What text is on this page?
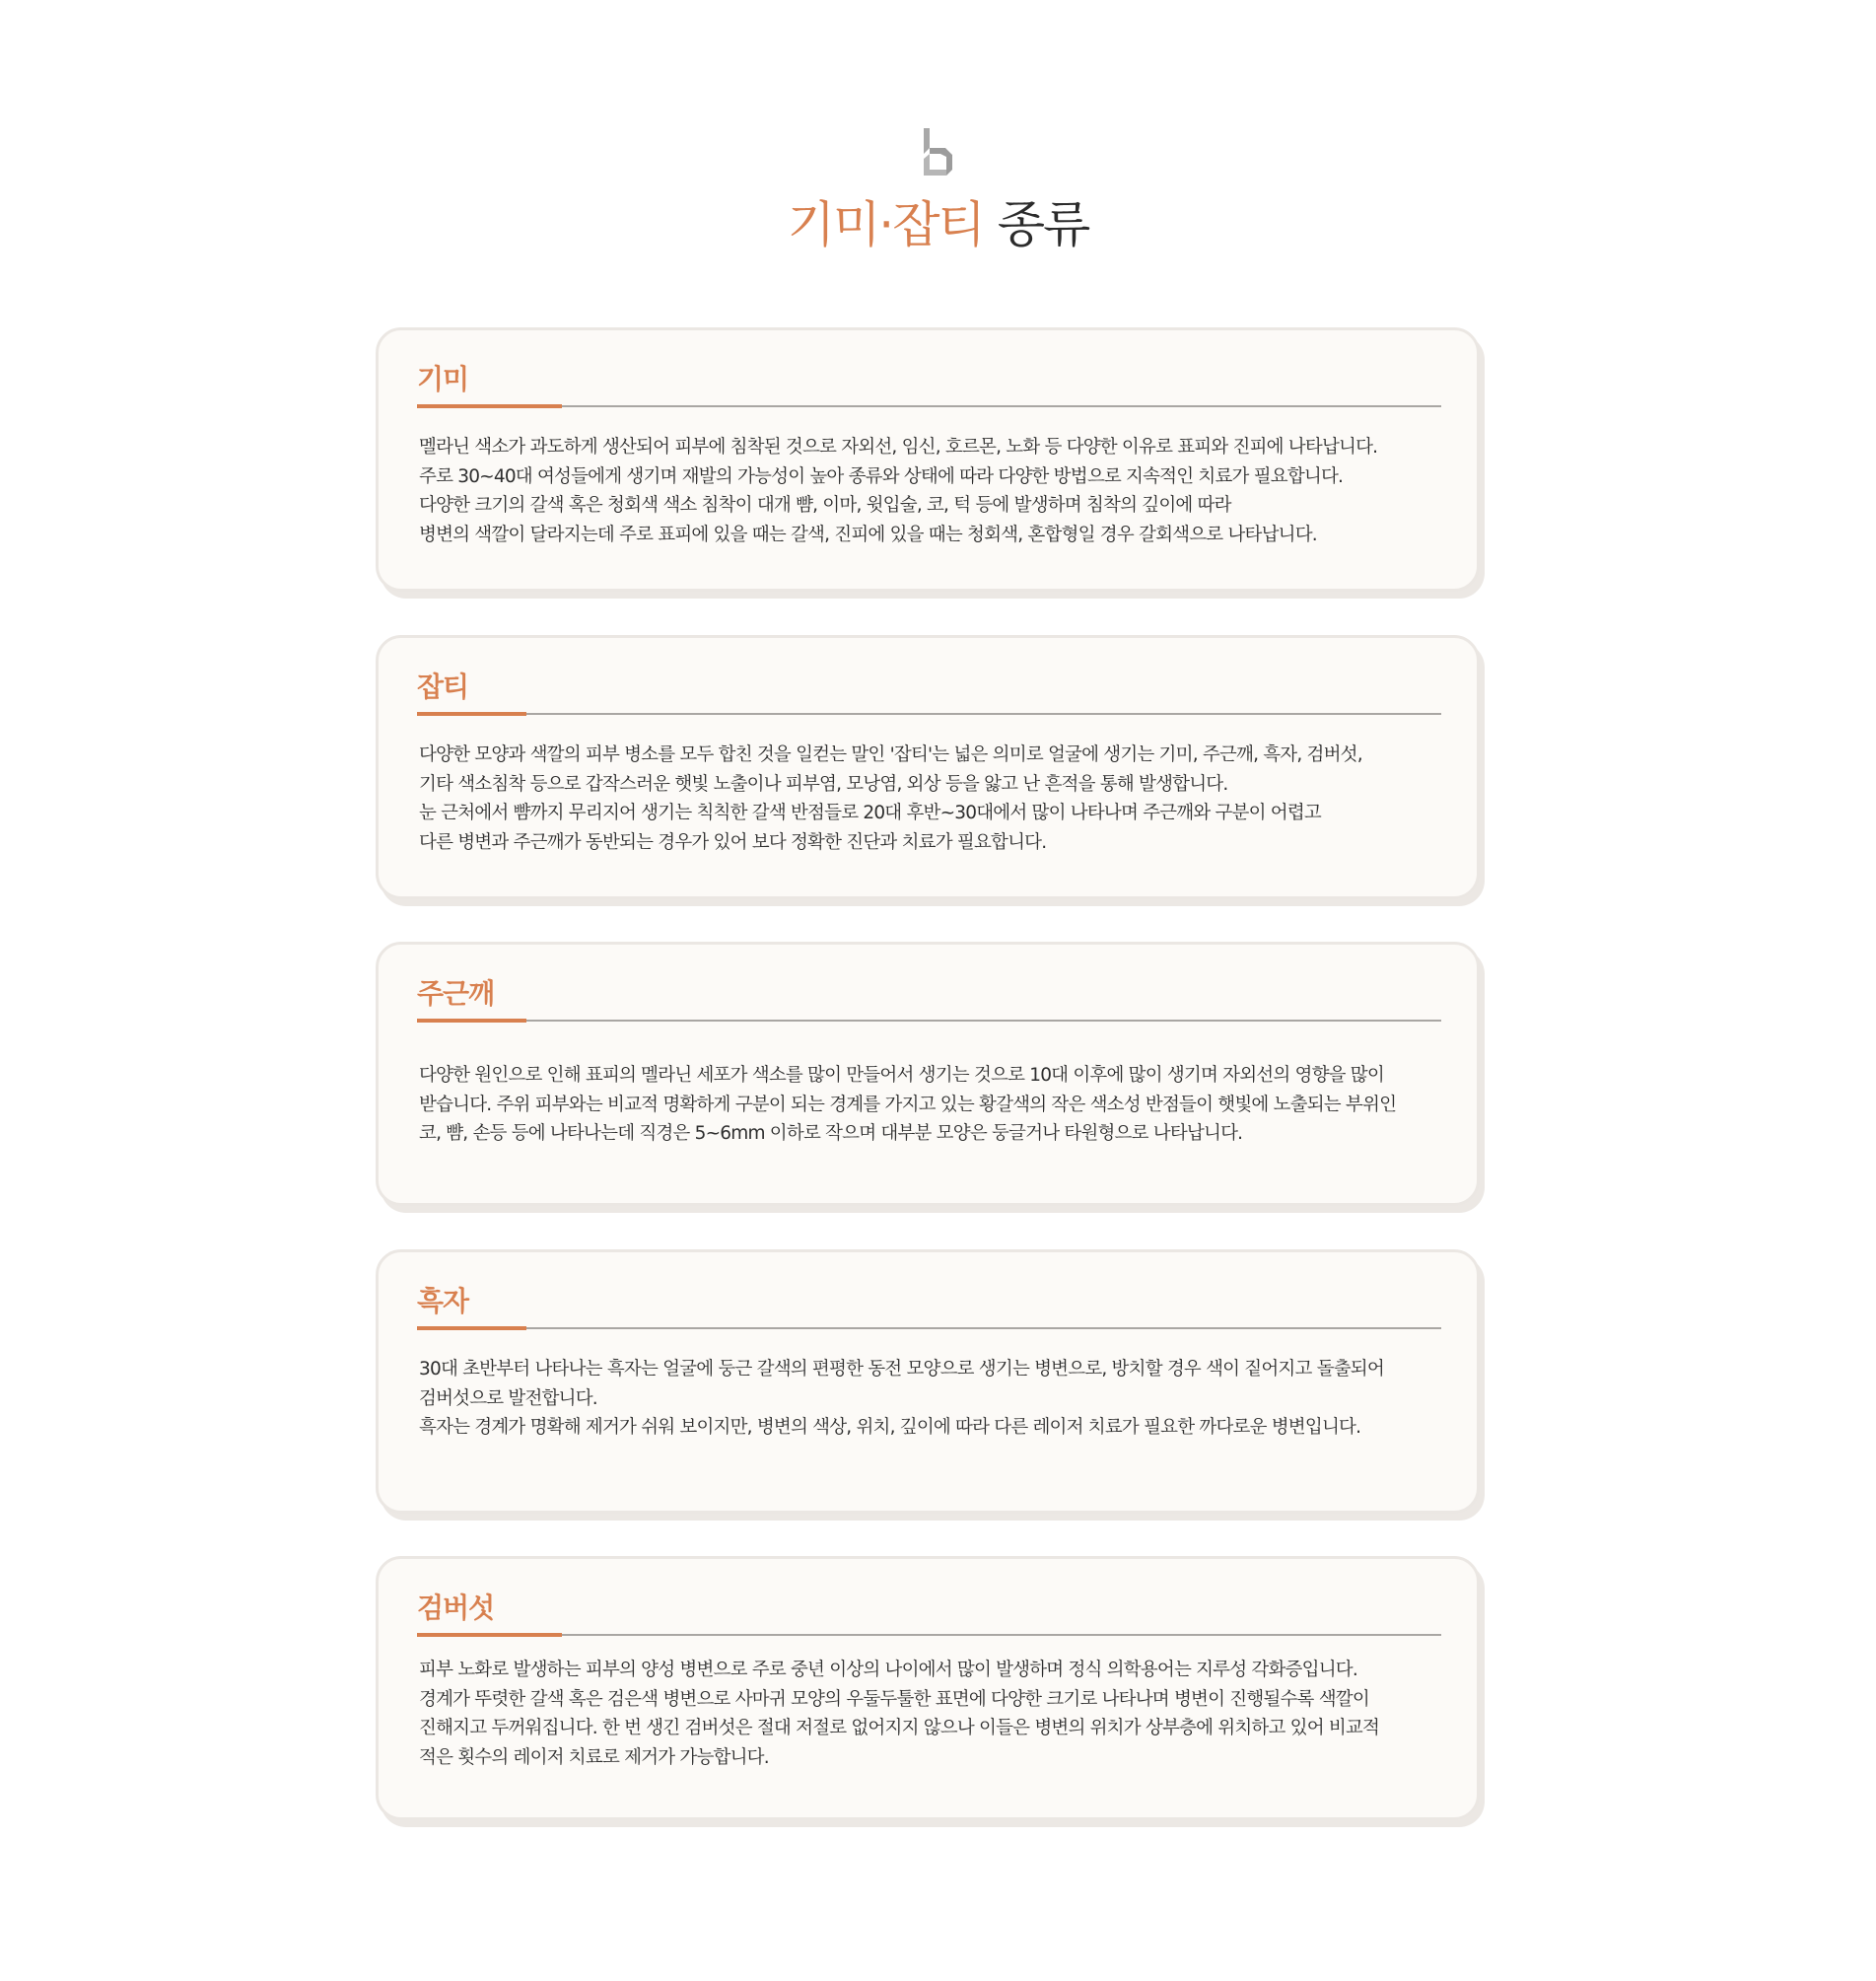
기미·잡티 종류
기미

멜라닌 색소가 과도하게 생산되어 피부에 침착된 것으로 자외선, 임신, 호르몬, 노화 등 다양한 이유로 표피와 진피에 나타납니다.

주로 30~40대 여성들에게 생기며 재발의 가능성이 높아 종류와 상태에 따라 다양한 방법으로 지속적인 치료가 필요합니다.

다양한 크기의 갈색 혹은 청회색 색소 침착이 대개 뺨, 이마, 윗입술, 코, 턱 등에 발생하며 침착의 깊이에 따라

병변의 색깔이 달라지는데 주로 표피에 있을 때는 갈색, 진피에 있을 때는 청회색, 혼합형일 경우 갈회색으로 나타납니다.

잡티

다양한 모양과 색깔의 피부 병소를 모두 합친 것을 일컫는 말인 '잡티'는 넓은 의미로 얼굴에 생기는 기미, 주근깨, 흑자, 검버섯,

기타 색소침착 등으로 갑작스러운 햇빛 노출이나 피부염, 모낭염, 외상 등을 앓고 난 흔적을 통해 발생합니다.

눈 근처에서 뺨까지 무리지어 생기는 칙칙한 갈색 반점들로 20대 후반~30대에서 많이 나타나며 주근깨와 구분이 어렵고

다른 병변과 주근깨가 동반되는 경우가 있어 보다 정확한 진단과 치료가 필요합니다.

주근깨

다양한 원인으로 인해 표피의 멜라닌 세포가 색소를 많이 만들어서 생기는 것으로 10대 이후에 많이 생기며 자외선의 영향을 많이

받습니다. 주위 피부와는 비교적 명확하게 구분이 되는 경계를 가지고 있는 황갈색의 작은 색소성 반점들이 햇빛에 노출되는 부위인

코, 뺨, 손등 등에 나타나는데 직경은 5~6mm 이하로 작으며 대부분 모양은 둥글거나 타원형으로 나타납니다.

흑자

30대 초반부터 나타나는 흑자는 얼굴에 둥근 갈색의 편평한 동전 모양으로 생기는 병변으로, 방치할 경우 색이 짙어지고 돌출되어

검버섯으로 발전합니다.

흑자는 경계가 명확해 제거가 쉬워 보이지만, 병변의 색상, 위치, 깊이에 따라 다른 레이저 치료가 필요한 까다로운 병변입니다.

검버섯

피부 노화로 발생하는 피부의 양성 병변으로 주로 중년 이상의 나이에서 많이 발생하며 정식 의학용어는 지루성 각화증입니다.

경계가 뚜렷한 갈색 혹은 검은색 병변으로 사마귀 모양의 우둘두툴한 표면에 다양한 크기로 나타나며 병변이 진행될수록 색깔이

진해지고 두꺼워집니다. 한 번 생긴 검버섯은 절대 저절로 없어지지 않으나 이들은 병변의 위치가 상부층에 위치하고 있어 비교적

적은 횟수의 레이저 치료로 제거가 가능합니다.
